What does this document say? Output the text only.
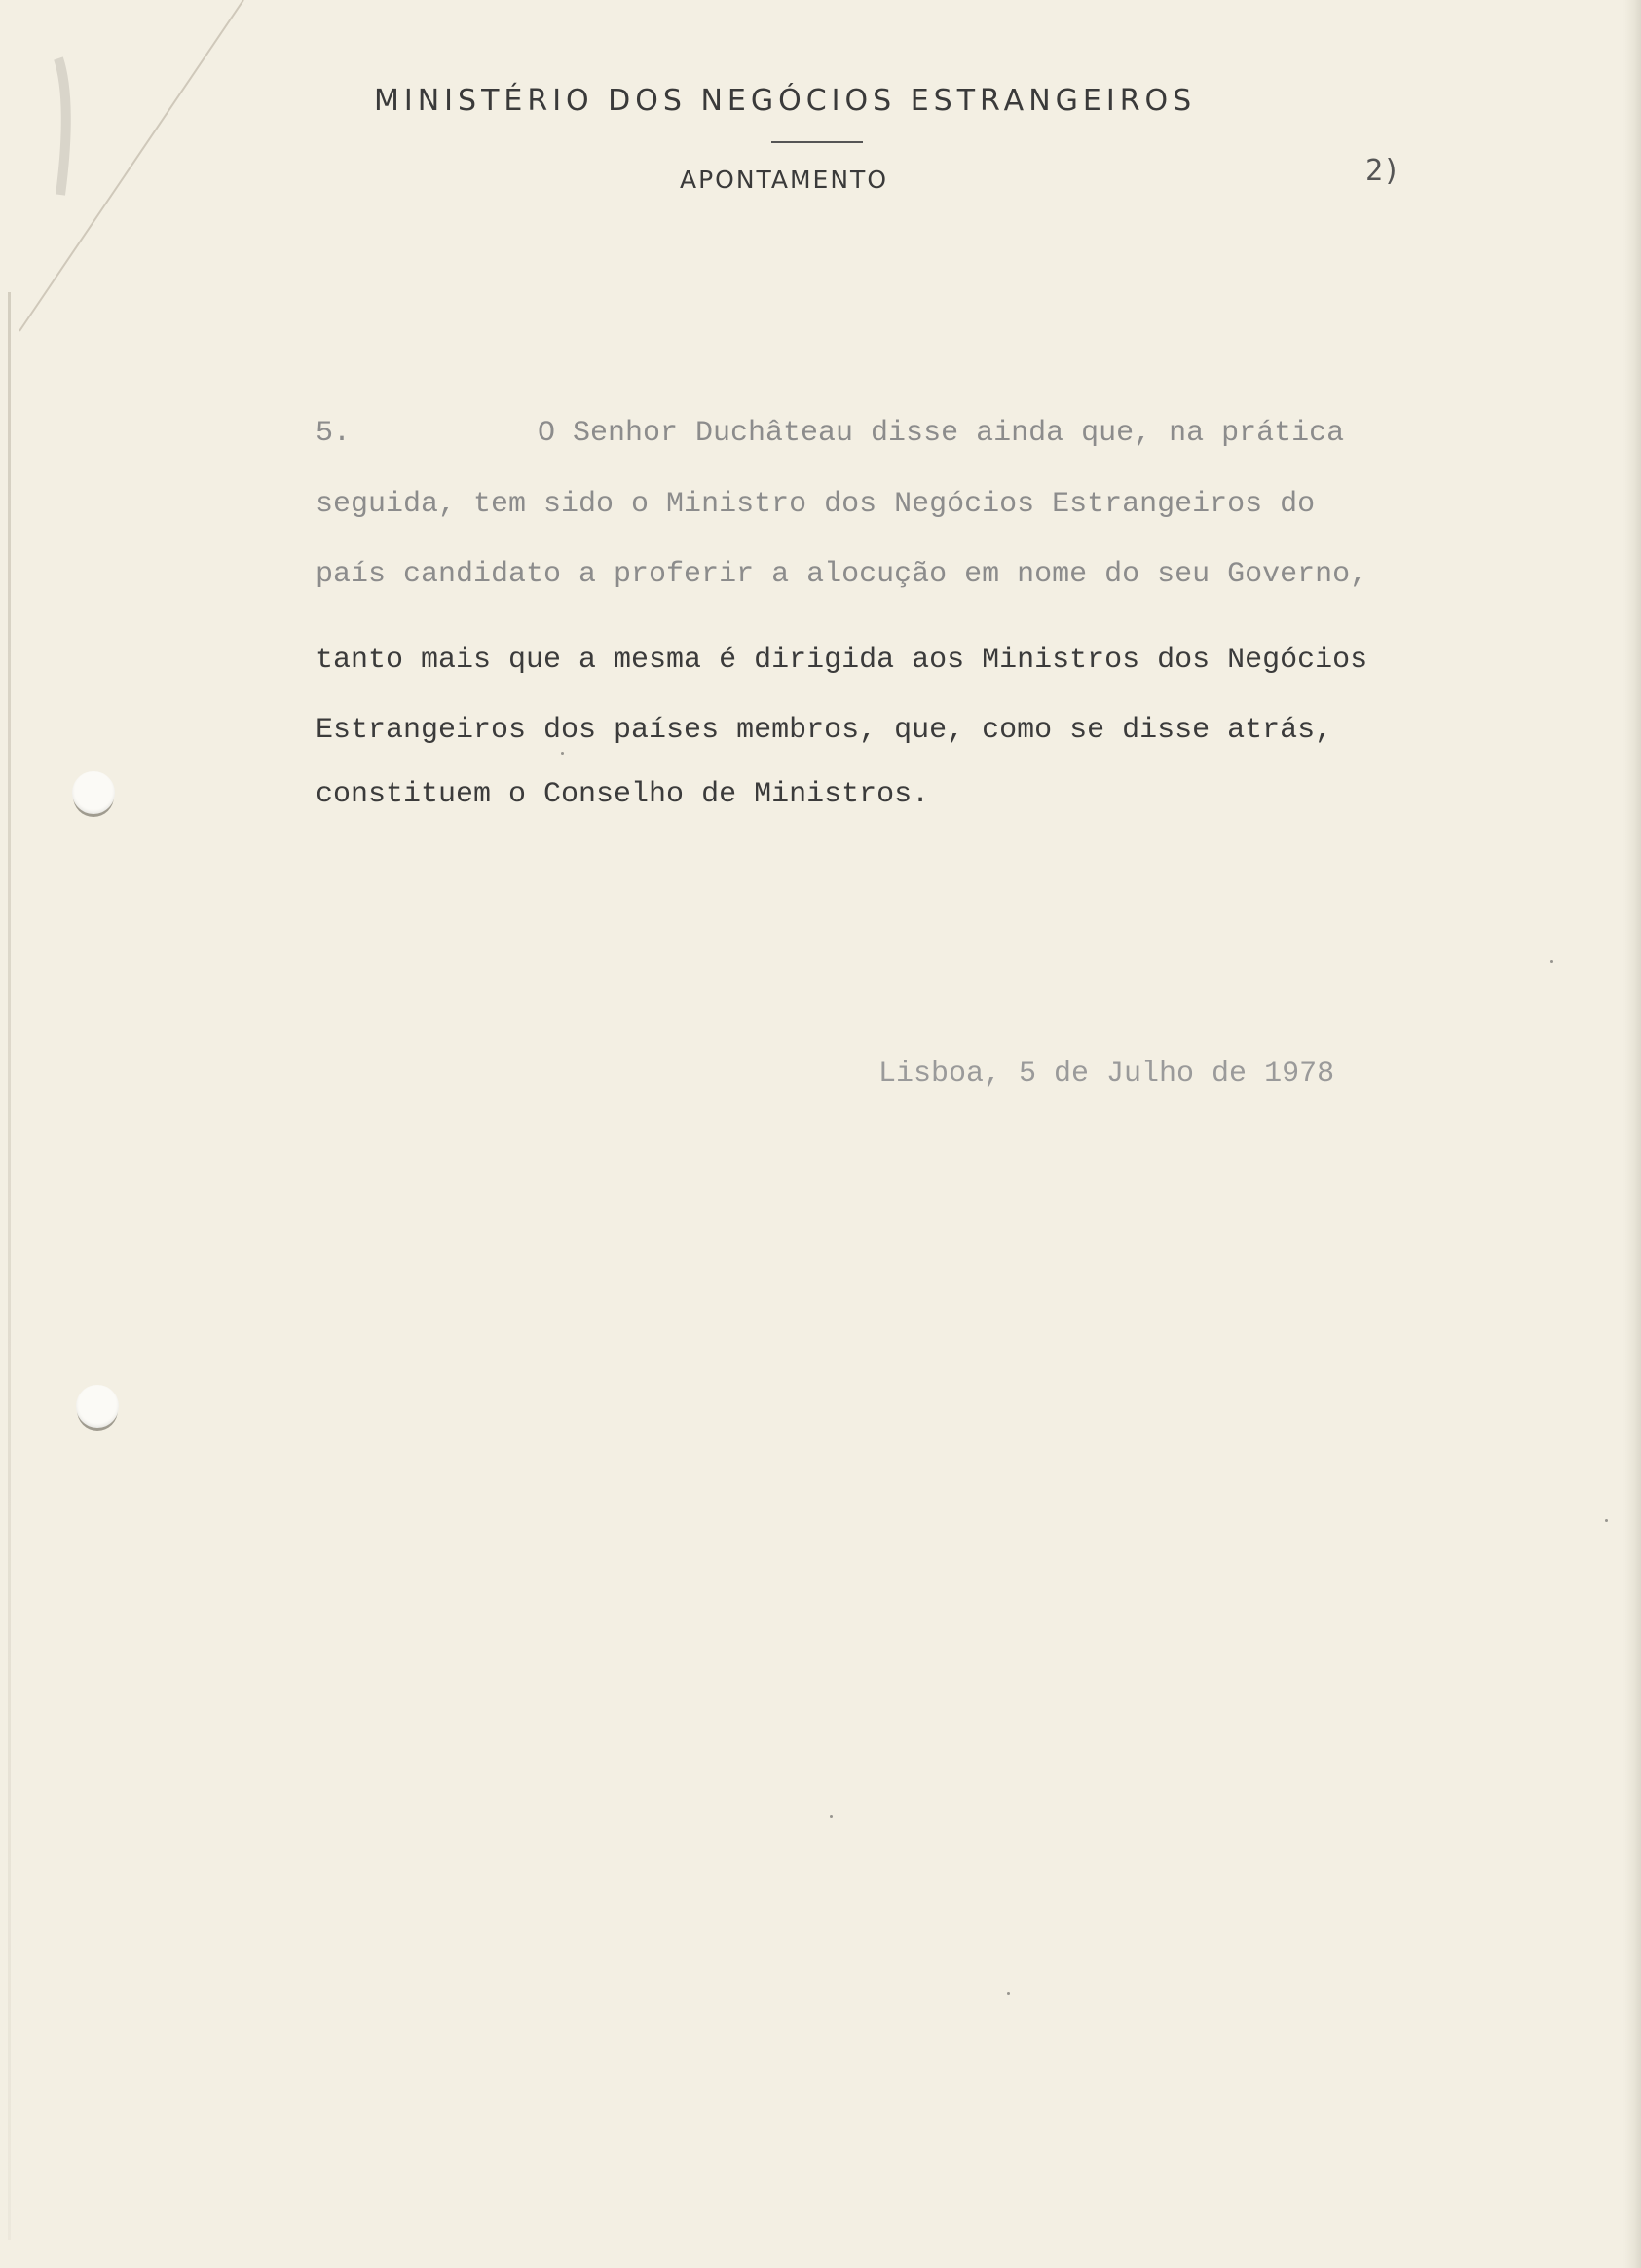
MINISTÉRIO DOS NEGÓCIOS ESTRANGEIROS
APONTAMENTO	2)
5.	O Senhor Duchâteau disse ainda que, na prática
seguida, tem sido o Ministro dos Negócios Estrangeiros do
país candidato a proferir a alocução em nome do seu Governo,
tanto mais que a mesma é dirigida aos Ministros dos Negócios
Estrangeiros dos países membros, que, como se disse atrás,
constituem o Conselho de Ministros.
Lisboa, 5 de Julho de 1978
